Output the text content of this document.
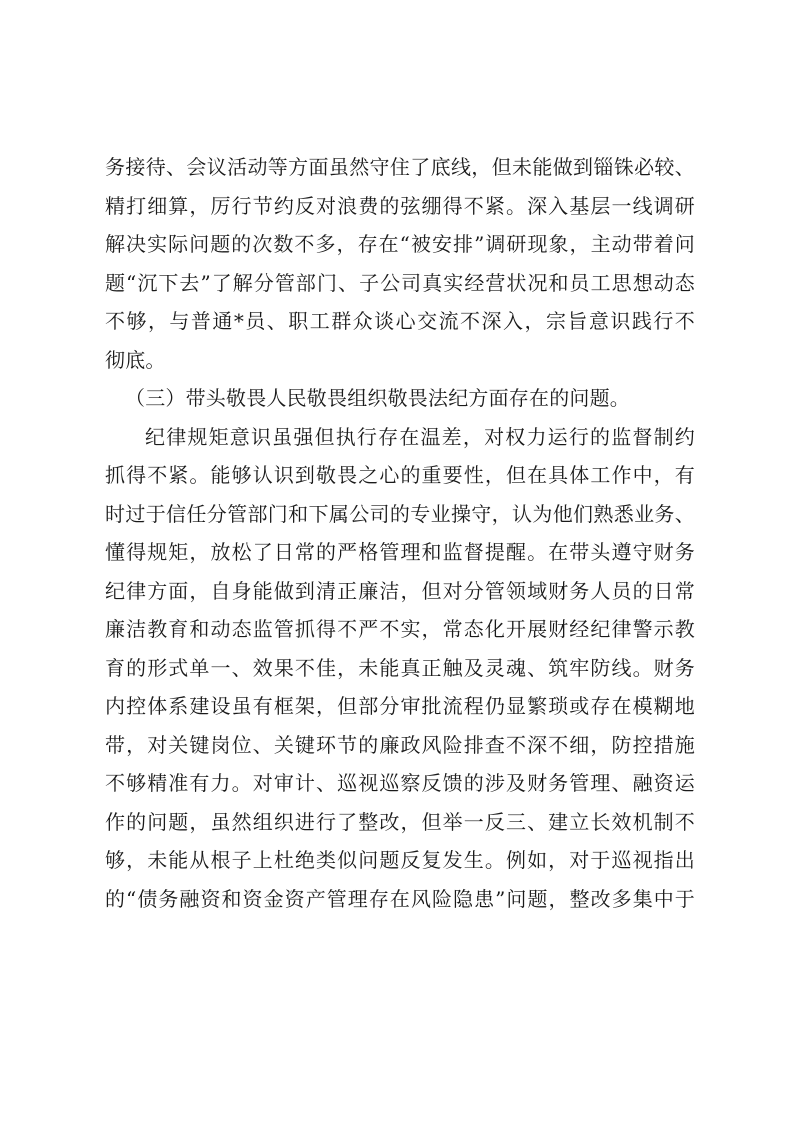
务接待、会议活动等方面虽然守住了底线，但未能做到锱铢必较、
精打细算，厉行节约反对浪费的弦绷得不紧。深入基层一线调研
解决实际问题的次数不多，存在“被安排”调研现象，主动带着问
题“沉下去”了解分管部门、子公司真实经营状况和员工思想动态
不够，与普通*员、职工群众谈心交流不深入，宗旨意识践行不
彻底。
（三）带头敬畏人民敬畏组织敬畏法纪方面存在的问题。
纪律规矩意识虽强但执行存在温差，对权力运行的监督制约
抓得不紧。能够认识到敬畏之心的重要性，但在具体工作中，有
时过于信任分管部门和下属公司的专业操守，认为他们熟悉业务、
懂得规矩，放松了日常的严格管理和监督提醒。在带头遵守财务
纪律方面，自身能做到清正廉洁，但对分管领域财务人员的日常
廉洁教育和动态监管抓得不严不实，常态化开展财经纪律警示教
育的形式单一、效果不佳，未能真正触及灵魂、筑牢防线。财务
内控体系建设虽有框架，但部分审批流程仍显繁琐或存在模糊地
带，对关键岗位、关键环节的廉政风险排查不深不细，防控措施
不够精准有力。对审计、巡视巡察反馈的涉及财务管理、融资运
作的问题，虽然组织进行了整改，但举一反三、建立长效机制不
够，未能从根子上杜绝类似问题反复发生。例如，对于巡视指出
的“债务融资和资金资产管理存在风险隐患”问题，整改多集中于
